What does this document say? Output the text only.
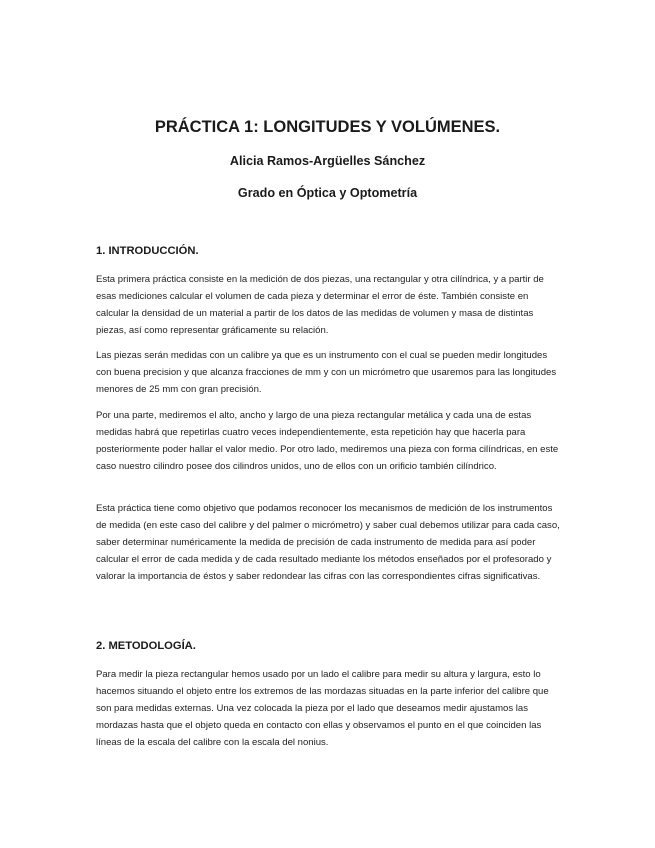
PRÁCTICA 1: LONGITUDES Y VOLÚMENES.

Alicia Ramos-Argüelles Sánchez

Grado en Óptica y Optometría

1. INTRODUCCIÓN.

Esta primera práctica consiste en la medición de dos piezas, una rectangular y otra cilíndrica, y a partir de esas mediciones calcular el volumen de cada pieza y determinar el error de éste. También consiste en calcular la densidad de un material a partir de los datos de las medidas de volumen y masa de distintas piezas, así como representar gráficamente su relación.

Las piezas serán medidas con un calibre ya que es un instrumento con el cual se pueden medir longitudes con buena precision y que alcanza fracciones de mm y con un micrómetro que usaremos para las longitudes menores de 25 mm con gran precisión.

Por una parte, mediremos el alto, ancho y largo de una pieza rectangular metálica y cada una de estas medidas habrá que repetirlas cuatro veces independientemente, esta repetición hay que hacerla para posteriormente poder hallar el valor medio. Por otro lado, mediremos una pieza con forma cilíndricas, en este caso nuestro cilindro posee dos cilindros unidos, uno de ellos con un orificio también cilíndrico.

Esta práctica tiene como objetivo que podamos reconocer los mecanismos de medición de los instrumentos de medida (en este caso del calibre y del palmer o micrómetro) y saber cual debemos utilizar para cada caso, saber determinar numéricamente la medida de precisión de cada instrumento de medida para así poder calcular el error de cada medida y de cada resultado mediante los métodos enseñados por el profesorado y valorar la importancia de éstos y saber redondear las cifras con las correspondientes cifras significativas.

2. METODOLOGÍA.

Para medir la pieza rectangular hemos usado por un lado el calibre para medir su altura y largura, esto lo hacemos situando el objeto entre los extremos de las mordazas situadas en la parte inferior del calibre que son para medidas externas. Una vez colocada la pieza por el lado que deseamos medir ajustamos las mordazas hasta que el objeto queda en contacto con ellas y observamos el punto en el que coinciden las líneas de la escala del calibre con la escala del nonius.
